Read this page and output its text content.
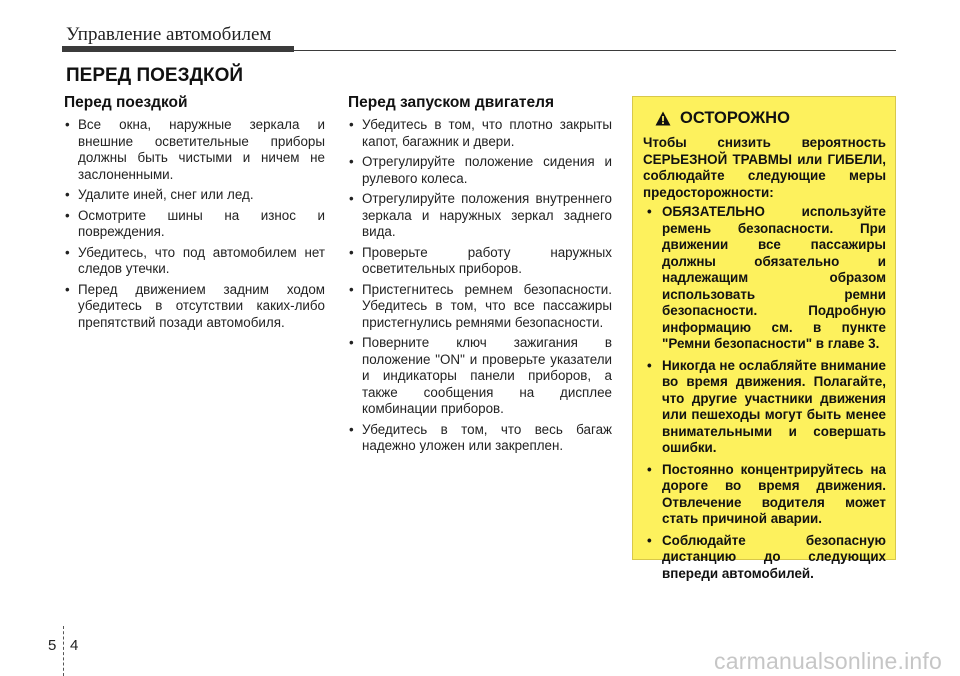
Управление автомобилем
ПЕРЕД ПОЕЗДКОЙ
Перед поездкой
• Все окна, наружные зеркала и внешние осветительные приборы должны быть чистыми и ничем не заслоненными.
• Удалите иней, снег или лед.
• Осмотрите шины на износ и повреждения.
• Убедитесь, что под автомобилем нет следов утечки.
• Перед движением задним ходом убедитесь в отсутствии каких-либо препятствий позади автомобиля.
Перед запуском двигателя
• Убедитесь в том, что плотно закрыты капот, багажник и двери.
• Отрегулируйте положение сидения и рулевого колеса.
• Отрегулируйте положения внутреннего зеркала и наружных зеркал заднего вида.
• Проверьте работу наружных осветительных приборов.
• Пристегнитесь ремнем безопасности. Убедитесь в том, что все пассажиры пристегнулись ремнями безопасности.
• Поверните ключ зажигания в положение "ON" и проверьте указатели и индикаторы панели приборов, а также сообщения на дисплее комбинации приборов.
• Убедитесь в том, что весь багаж надежно уложен или закреплен.
ОСТОРОЖНО
Чтобы снизить вероятность СЕРЬЕЗНОЙ ТРАВМЫ или ГИБЕЛИ, соблюдайте следующие меры предосторожности:
• ОБЯЗАТЕЛЬНО используйте ремень безопасности. При движении все пассажиры должны обязательно и надлежащим образом использовать ремни безопасности. Подробную информацию см. в пункте "Ремни безопасности" в главе 3.
• Никогда не ослабляйте внимание во время движения. Полагайте, что другие участники движения или пешеходы могут быть менее внимательными и совершать ошибки.
• Постоянно концентрируйтесь на дороге во время движения. Отвлечение водителя может стать причиной аварии.
• Соблюдайте безопасную дистанцию до следующих впереди автомобилей.
5 4
carmanualsonline.info
